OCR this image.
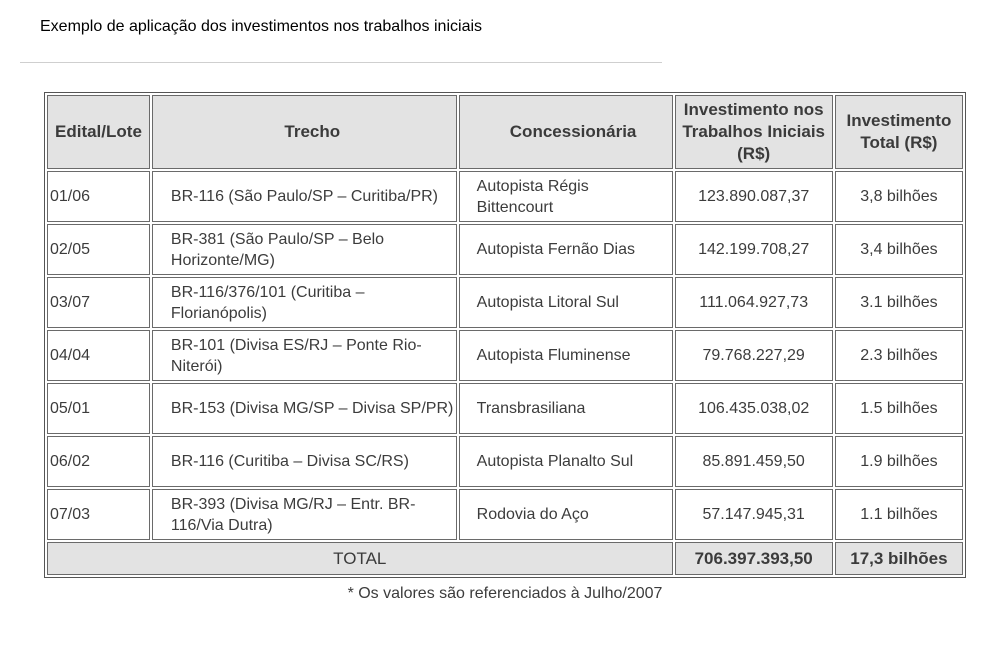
Exemplo de aplicação dos investimentos nos trabalhos iniciais
Edital/Lote	Trecho	Concessionária	Investimento nos Trabalhos Iniciais (R$)	Investimento Total (R$)
01/06	BR-116 (São Paulo/SP – Curitiba/PR)	Autopista Régis Bittencourt	123.890.087,37	3,8 bilhões
02/05	BR-381 (São Paulo/SP – Belo Horizonte/MG)	Autopista Fernão Dias	142.199.708,27	3,4 bilhões
03/07	BR-116/376/101 (Curitiba – Florianópolis)	Autopista Litoral Sul	111.064.927,73	3.1 bilhões
04/04	BR-101 (Divisa ES/RJ – Ponte Rio-Niterói)	Autopista Fluminense	79.768.227,29	2.3 bilhões
05/01	BR-153 (Divisa MG/SP – Divisa SP/PR)	Transbrasiliana	106.435.038,02	1.5 bilhões
06/02	BR-116 (Curitiba – Divisa SC/RS)	Autopista Planalto Sul	85.891.459,50	1.9 bilhões
07/03	BR-393 (Divisa MG/RJ – Entr. BR-116/Via Dutra)	Rodovia do Aço	57.147.945,31	1.1 bilhões
TOTAL			706.397.393,50	17,3 bilhões
* Os valores são referenciados à Julho/2007
